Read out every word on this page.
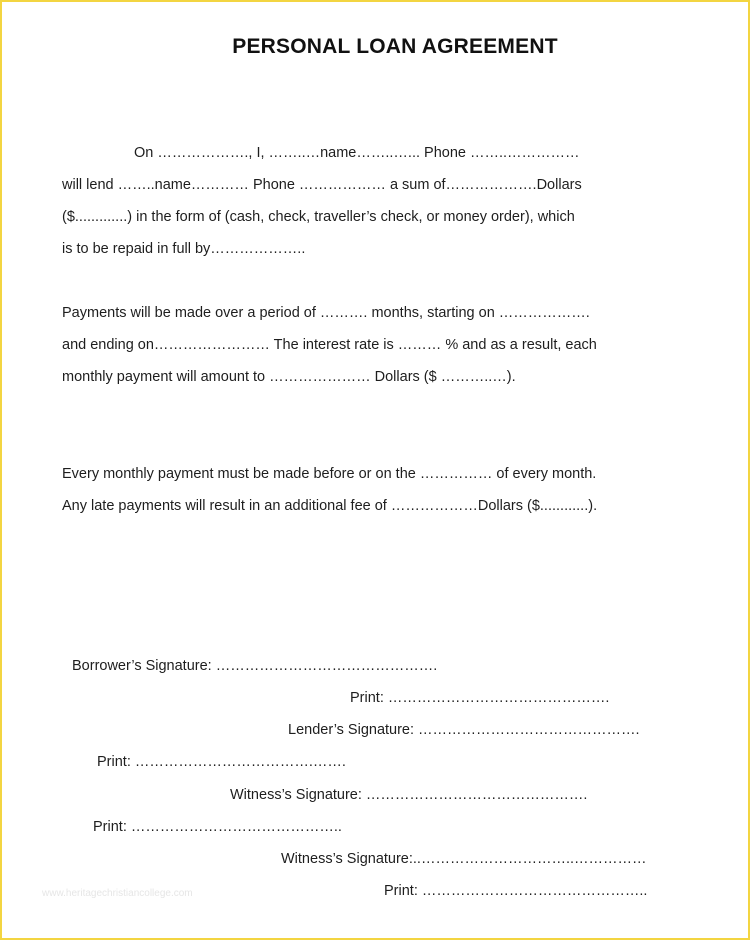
PERSONAL LOAN AGREEMENT
On ………………., I, ……..…name……..…... Phone ……..……………
will lend ……..name………… Phone ……………… a sum of……………….Dollars
($.............) in the form of (cash, check, traveller’s check, or money order), which
is to be repaid in full by………………..
Payments will be made over a period of ………. months, starting on ……………….
and ending on…………………… The interest rate is ……… % and as a result, each
monthly payment will amount to ………………… Dollars ($ ………..…).
Every monthly payment must be made before or on the …………… of every month.
Any late payments will result in an additional fee of ………………Dollars ($............).
Borrower’s Signature: ……………………………………….
Print: ……………………………………….
Lender’s Signature: ……………………………………….
Print: ……………………………….…….
Witness’s Signature: ……………………………………….
Print: ……………………………………..
Witness’s Signature:..…………………………..……………
Print: ………………………………………..
www.heritagechristiancollege.com
